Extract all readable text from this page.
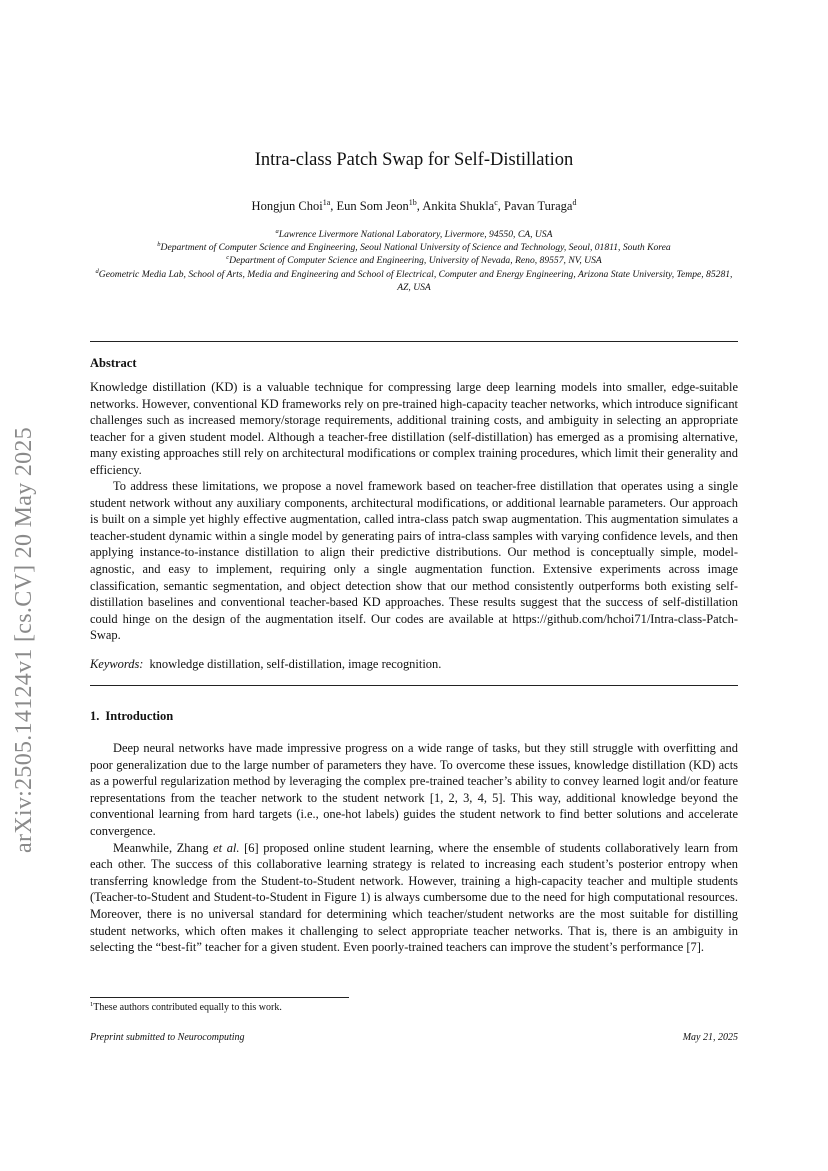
arXiv:2505.14124v1 [cs.CV] 20 May 2025
Intra-class Patch Swap for Self-Distillation
Hongjun Choi$^{1a}$, Eun Som Jeon$^{1b}$, Ankita Shukla$^c$, Pavan Turaga$^d$
$^a$Lawrence Livermore National Laboratory, Livermore, 94550, CA, USA
$^b$Department of Computer Science and Engineering, Seoul National University of Science and Technology, Seoul, 01811, South Korea
$^c$Department of Computer Science and Engineering, University of Nevada, Reno, 89557, NV, USA
$^d$Geometric Media Lab, School of Arts, Media and Engineering and School of Electrical, Computer and Energy Engineering, Arizona State University, Tempe, 85281, AZ, USA
Abstract

Knowledge distillation (KD) is a valuable technique for compressing large deep learning models into smaller, edge-suitable networks. However, conventional KD frameworks rely on pre-trained high-capacity teacher networks, which introduce significant challenges such as increased memory/storage requirements, additional training costs, and ambiguity in selecting an appropriate teacher for a given student model. Although a teacher-free distillation (self-distillation) has emerged as a promising alternative, many existing approaches still rely on architectural modifications or complex training procedures, which limit their generality and efficiency.

To address these limitations, we propose a novel framework based on teacher-free distillation that operates using a single student network without any auxiliary components, architectural modifications, or additional learnable parameters. Our approach is built on a simple yet highly effective augmentation, called intra-class patch swap augmentation. This augmentation simulates a teacher-student dynamic within a single model by generating pairs of intra-class samples with varying confidence levels, and then applying instance-to-instance distillation to align their predictive distributions. Our method is conceptually simple, model-agnostic, and easy to implement, requiring only a single augmentation function. Extensive experiments across image classification, semantic segmentation, and object detection show that our method consistently outperforms both existing self-distillation baselines and conventional teacher-based KD approaches. These results suggest that the success of self-distillation could hinge on the design of the augmentation itself. Our codes are available at https://github.com/hchoi71/Intra-class-Patch-Swap.

Keywords: knowledge distillation, self-distillation, image recognition.
1. Introduction

Deep neural networks have made impressive progress on a wide range of tasks, but they still struggle with overfitting and poor generalization due to the large number of parameters they have. To overcome these issues, knowledge distillation (KD) acts as a powerful regularization method by leveraging the complex pre-trained teacher’s ability to convey learned logit and/or feature representations from the teacher network to the student network [1, 2, 3, 4, 5]. This way, additional knowledge beyond the conventional learning from hard targets (i.e., one-hot labels) guides the student network to find better solutions and accelerate convergence.

Meanwhile, Zhang et al. [6] proposed online student learning, where the ensemble of students collaboratively learn from each other. The success of this collaborative learning strategy is related to increasing each student’s posterior entropy when transferring knowledge from the Student-to-Student network. However, training a high-capacity teacher and multiple students (Teacher-to-Student and Student-to-Student in Figure 1) is always cumbersome due to the need for high computational resources. Moreover, there is no universal standard for determining which teacher/student networks are the most suitable for distilling student networks, which often makes it challenging to select appropriate teacher networks. That is, there is an ambiguity in selecting the “best-fit” teacher for a given student. Even poorly-trained teachers can improve the student’s performance [7].

$^1$These authors contributed equally to this work.
Preprint submitted to Neurocomputing	May 21, 2025
